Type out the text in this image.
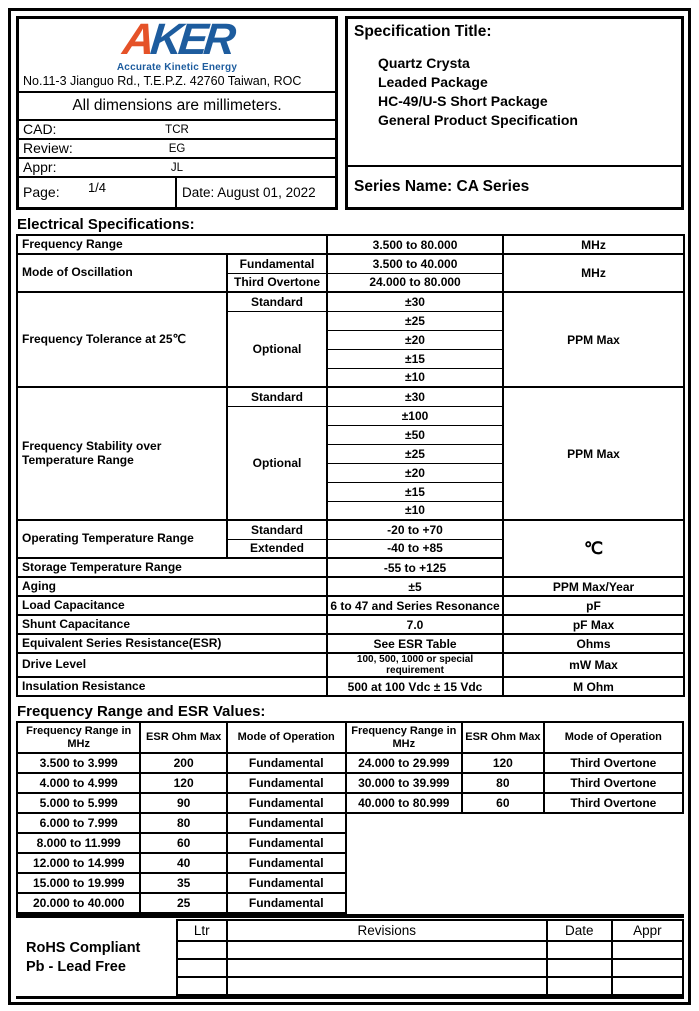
AKER
Accurate Kinetic Energy
No.11-3 Jianguo Rd., T.E.P.Z. 42760 Taiwan, ROC
All dimensions are millimeters.
CAD:	TCR
Review:	EG
Appr:	JL
Page:	1/4	Date: August 01, 2022
Specification Title:
Quartz Crysta
Leaded Package
HC-49/U-S Short Package
General Product Specification
Series Name: CA Series
Electrical Specifications:
Frequency Range		3.500 to 80.000	MHz
Mode of Oscillation	Fundamental	3.500 to 40.000	MHz
	Third Overtone	24.000 to 80.000	
Frequency Tolerance at 25℃	Standard	±30	PPM Max
	Optional	±25	
		±20	
		±15	
		±10	
Frequency Stability over Temperature Range	Standard	±30	PPM Max
	Optional	±100	
		±50	
		±25	
		±20	
		±15	
		±10	
Operating Temperature Range	Standard	-20 to +70	℃
	Extended	-40 to +85	
Storage Temperature Range		-55 to +125	
Aging		±5	PPM Max/Year
Load Capacitance		6 to 47 and Series Resonance	pF
Shunt Capacitance		7.0	pF Max
Equivalent Series Resistance(ESR)		See ESR Table	Ohms
Drive Level		100, 500, 1000 or special requirement	mW Max
Insulation Resistance		500 at 100 Vdc ± 15 Vdc	M Ohm
Frequency Range and ESR Values:
Frequency Range in MHz	ESR Ohm Max	Mode of Operation
3.500 to 3.999	200	Fundamental
4.000 to 4.999	120	Fundamental
5.000 to 5.999	90	Fundamental
6.000 to 7.999	80	Fundamental
8.000 to 11.999	60	Fundamental
12.000 to 14.999	40	Fundamental
15.000 to 19.999	35	Fundamental
20.000 to 40.000	25	Fundamental
Frequency Range in MHz	ESR Ohm Max	Mode of Operation
24.000 to 29.999	120	Third Overtone
30.000 to 39.999	80	Third Overtone
40.000 to 80.999	60	Third Overtone
RoHS Compliant
Pb - Lead Free
Ltr	Revisions	Date	Appr
